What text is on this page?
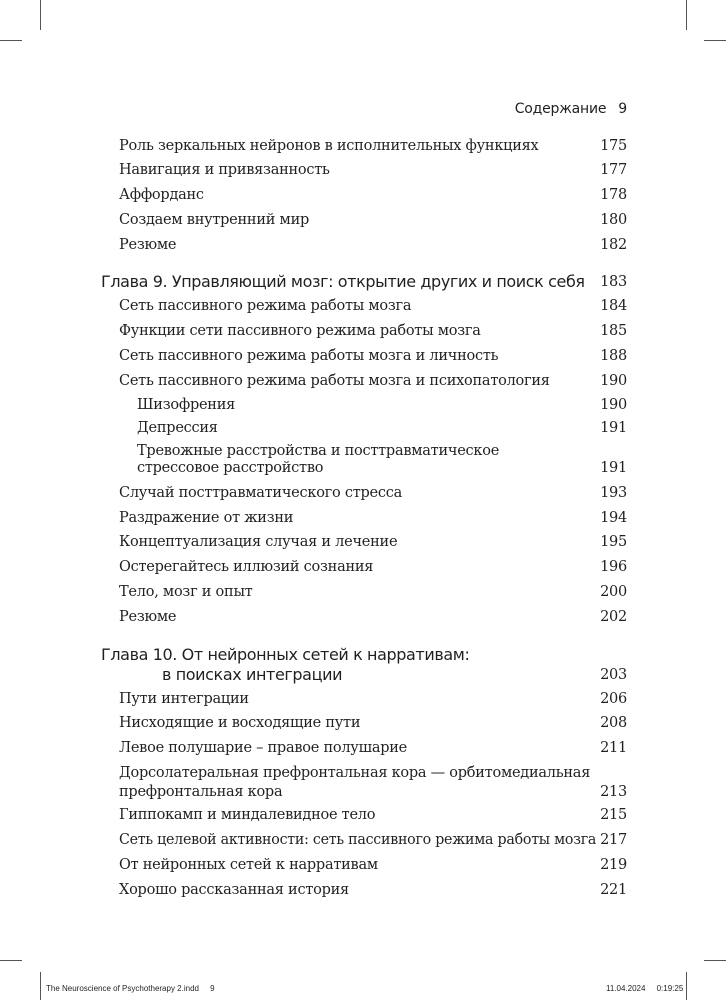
Содержание 9
Роль зеркальных нейронов в исполнительных функциях	175
Навигация и привязанность	177
Аффорданс	178
Создаем внутренний мир	180
Резюме	182
Глава 9. Управляющий мозг: открытие других и поиск себя 183
Сеть пассивного режима работы мозга	184
Функции сети пассивного режима работы мозга	185
Сеть пассивного режима работы мозга и личность	188
Сеть пассивного режима работы мозга и психопатология	190
Шизофрения	190
Депрессия	191
Тревожные расстройства и посттравматическое
стрессовое расстройство	191
Случай посттравматического стресса	193
Раздражение от жизни	194
Концептуализация случая и лечение	195
Остерегайтесь иллюзий сознания	196
Тело, мозг и опыт	200
Резюме	202
Глава 10. От нейронных сетей к нарративам:
в поисках интеграции	203
Пути интеграции	206
Нисходящие и восходящие пути	208
Левое полушарие – правое полушарие	211
Дорсолатеральная префронтальная кора — орбитомедиальная
префронтальная кора	213
Гиппокамп и миндалевидное тело	215
Сеть целевой активности: сеть пассивного режима работы мозга 217
От нейронных сетей к нарративам	219
Хорошо рассказанная история	221
The Neuroscience of Psychotherapy 2.indd 9	11.04.2024 0:19:25
